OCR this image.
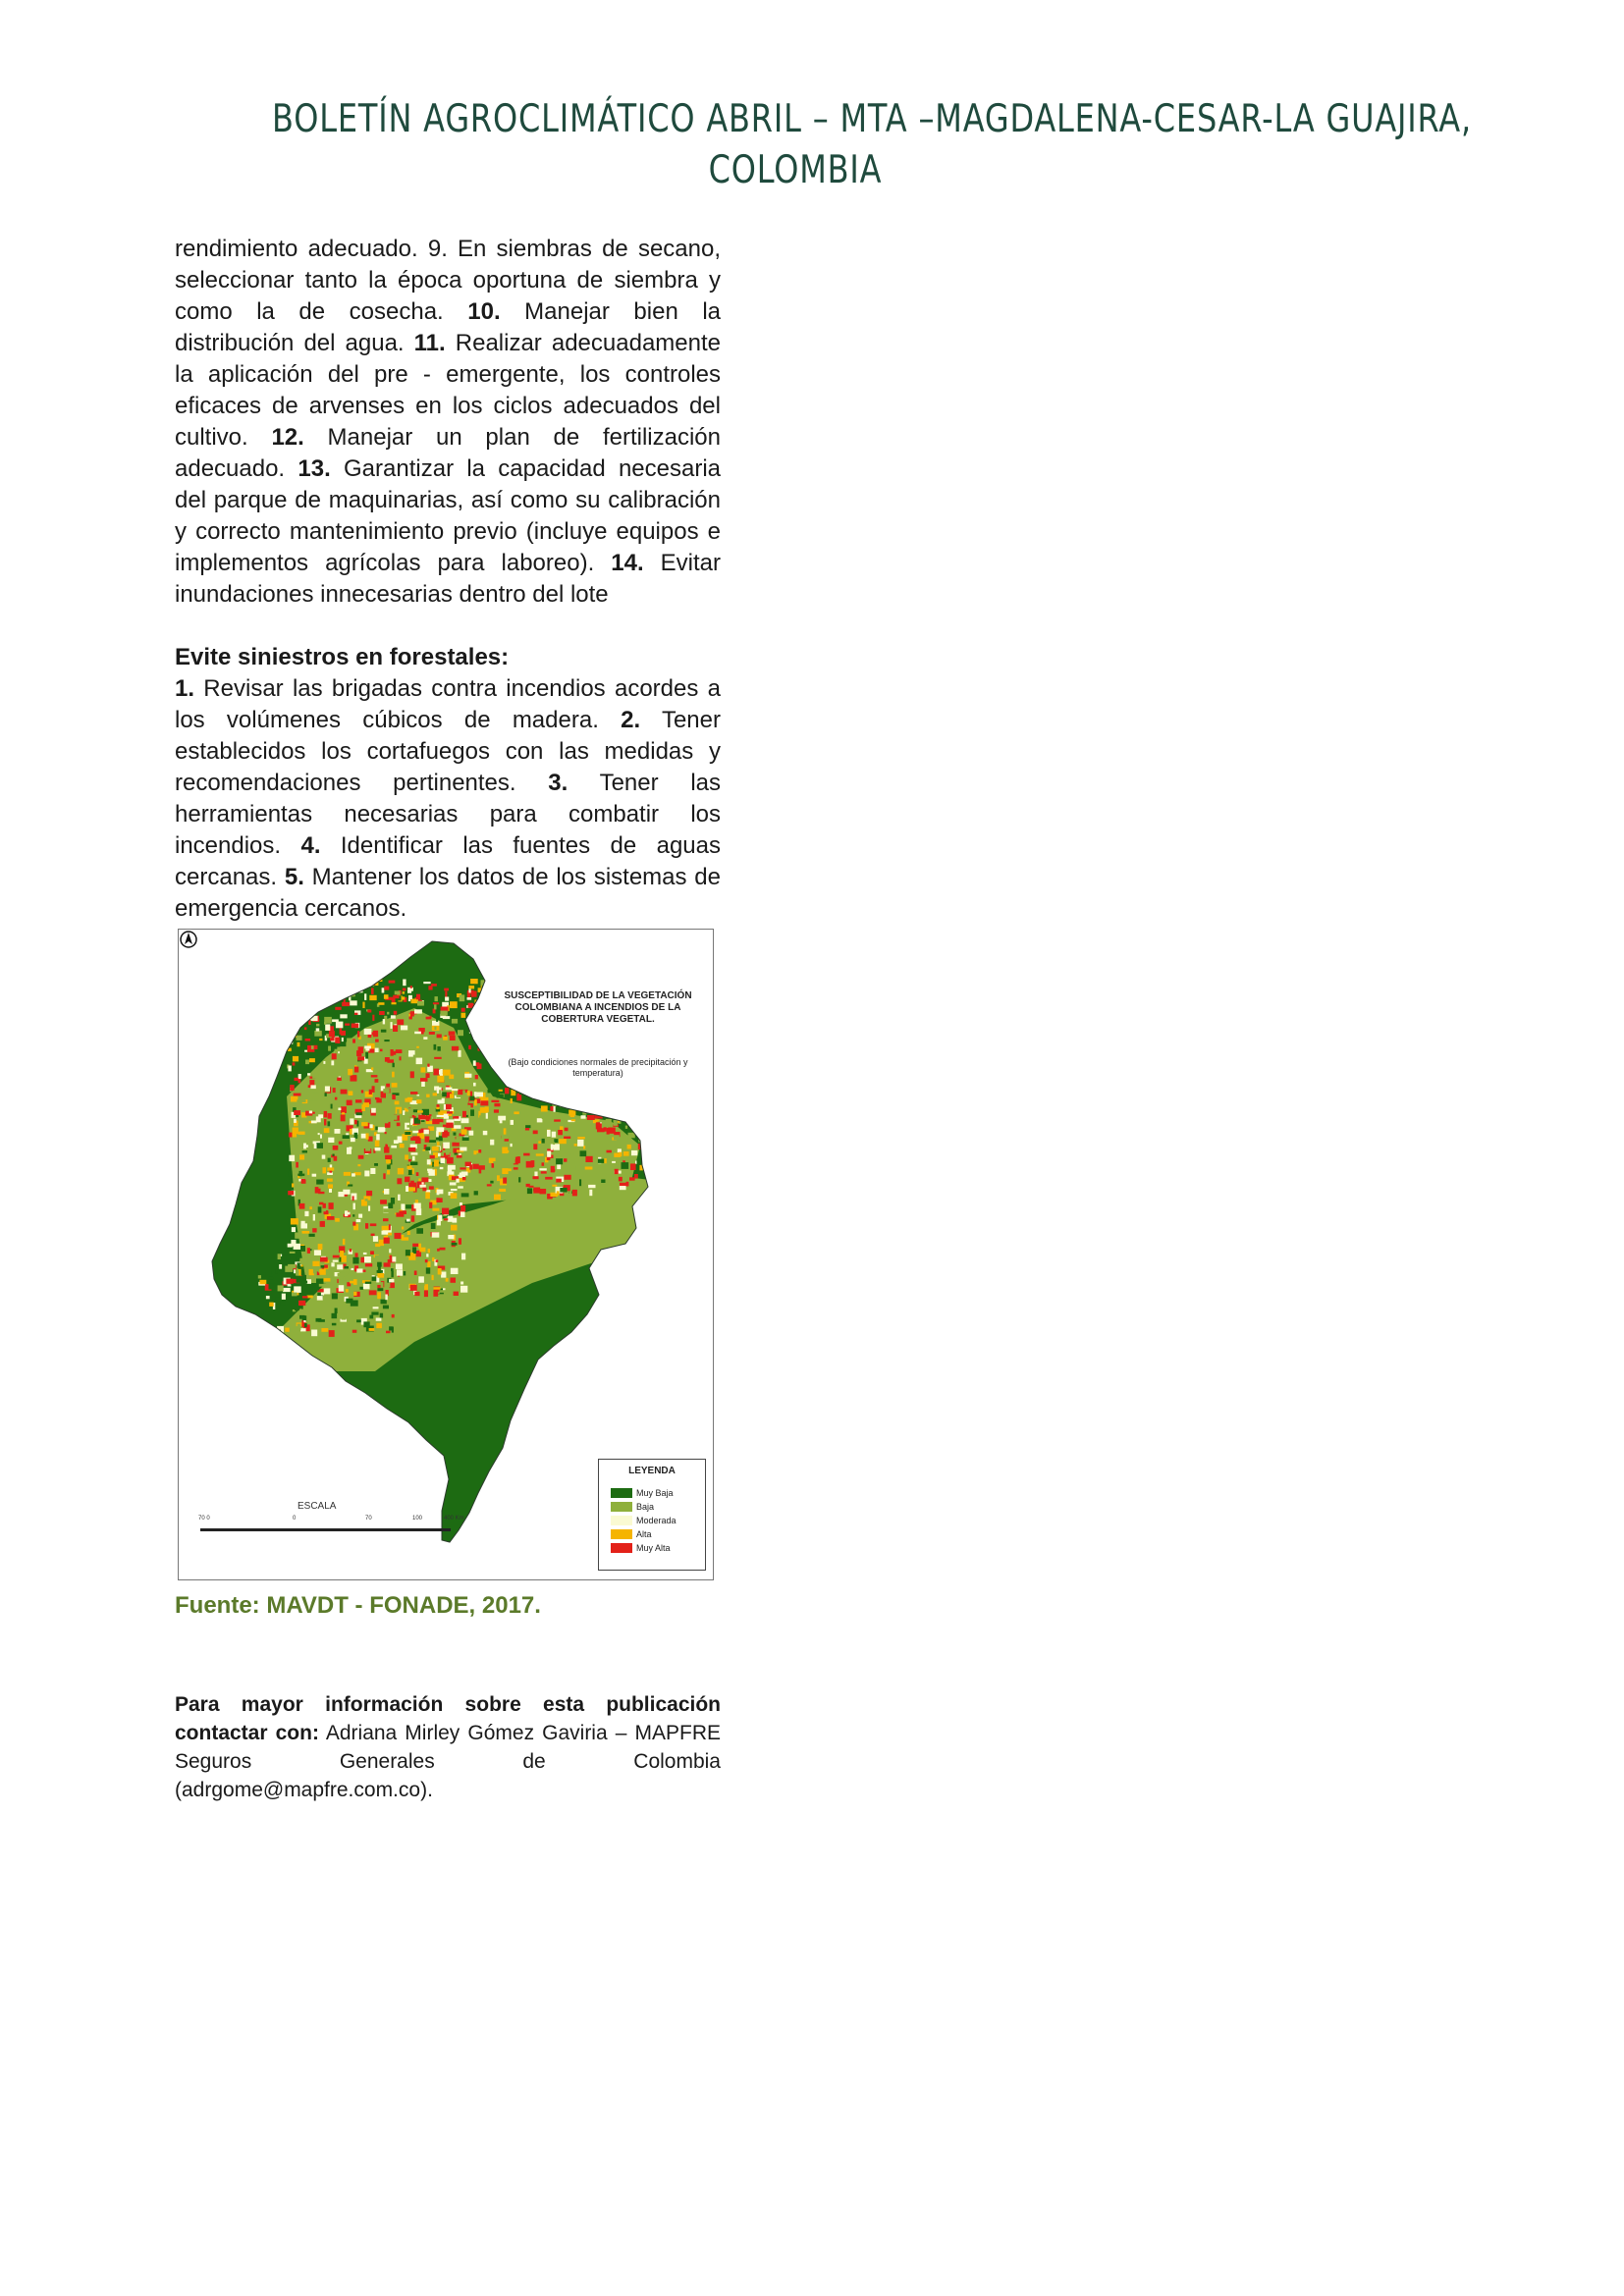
BOLETÍN AGROCLIMÁTICO ABRIL – MTA –MAGDALENA-CESAR-LA GUAJIRA,
COLOMBIA

rendimiento adecuado. 9. En siembras de secano, seleccionar tanto la época oportuna de siembra y como la de cosecha. 10. Manejar bien la distribución del agua. 11. Realizar adecuadamente la aplicación del pre - emergente, los controles eficaces de arvenses en los ciclos adecuados del cultivo. 12. Manejar un plan de fertilización adecuado. 13. Garantizar la capacidad necesaria del parque de maquinarias, así como su calibración y correcto mantenimiento previo (incluye equipos e implementos agrícolas para laboreo). 14. Evitar inundaciones innecesarias dentro del lote

Evite siniestros en forestales:

1. Revisar las brigadas contra incendios acordes a los volúmenes cúbicos de madera. 2. Tener establecidos los cortafuegos con las medidas y recomendaciones pertinentes. 3. Tener las herramientas necesarias para combatir los incendios. 4. Identificar las fuentes de aguas cercanas. 5. Mantener los datos de los sistemas de emergencia cercanos.

SUSCEPTIBILIDAD DE LA VEGETACIÓN COLOMBIANA A INCENDIOS DE LA COBERTURA VEGETAL.
(Bajo condiciones normales de precipitación y temperatura)
ESCALA
70 0	0	70	100	400 Km
LEYENDA
Muy Baja
Baja
Moderada
Alta
Muy Alta
Fuente: MAVDT - FONADE, 2017.
Para mayor información sobre esta publicación contactar con: Adriana Mirley Gómez Gaviria – MAPFRE Seguros Generales de Colombia (adrgome@mapfre.com.co).
